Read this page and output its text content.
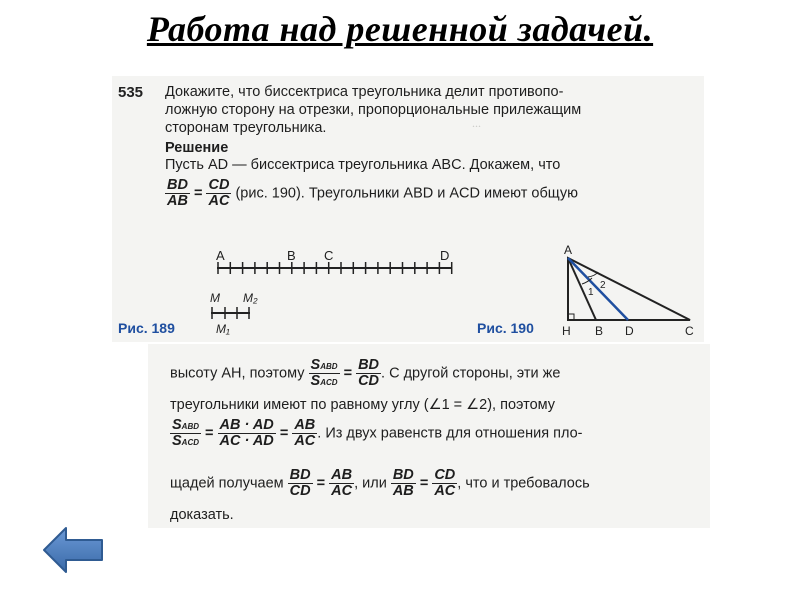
Работа над решенной задачей.
...
535 Докажите, что биссектриса треугольника делит противопо-
ложную сторону на отрезки, пропорциональные прилежащим
сторонам треугольника.
Решение
Пусть AD — биссектриса треугольника ABC. Докажем, что
$\frac{BD}{AB} = \frac{CD}{AC} (рис$. 190). Треугольники ABD и ACD имеют общую
A	B C	D
M M₂
M₁
Рис. 189
A
H B D	C
1
2
Рис. 190
высоту AH, поэтому $\frac{\text{SABD}}{\text{SACD}} = \frac{BD}{CD}$ . С другой стороны, эти же
треугольники имеют по равному углу (∠1 = ∠2), поэтому
$\frac{\text{SABD}}{\text{SACD}} = \frac{AB \cdot AD}{AC \cdot AD} = \frac{AB}{AC}$ . Из двух равенств для отношения пло-
щадей получаем $\frac{BD}{CD} = \frac{AB}{AC}$ , или $\frac{BD}{AB} = \frac{CD}{AC}$ , что и требовалось
доказать.
